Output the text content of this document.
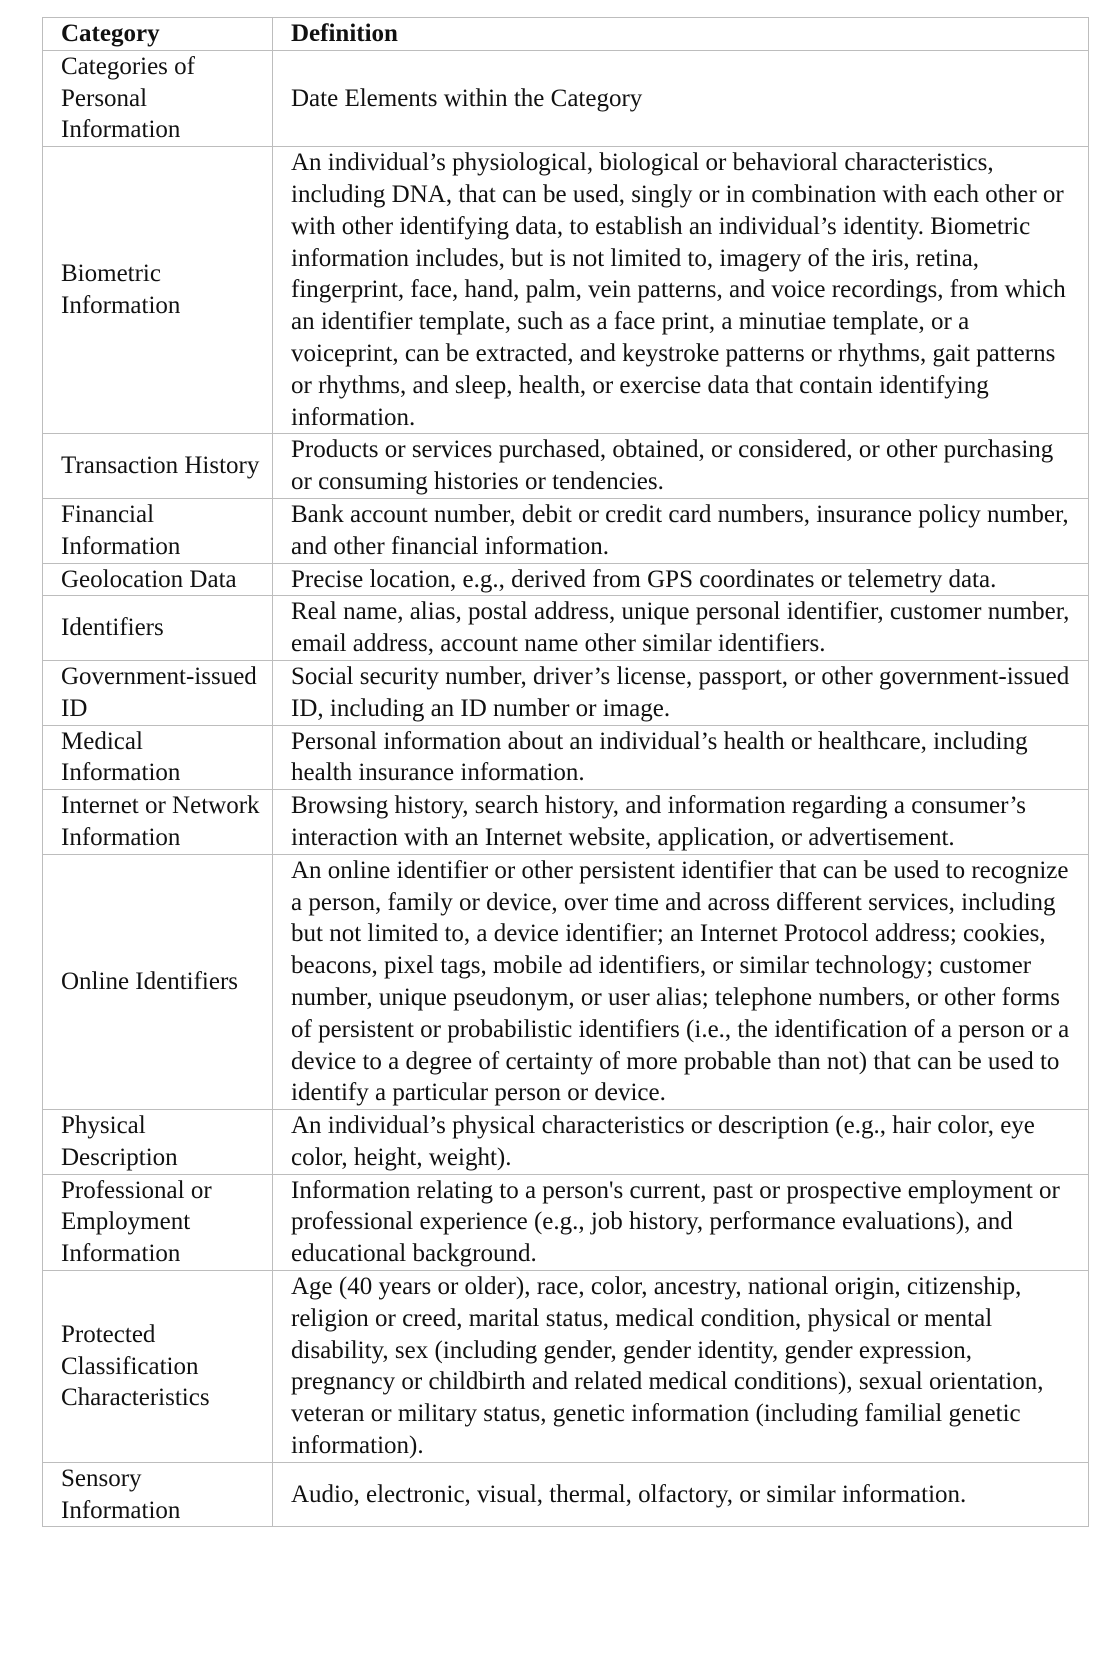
Category	Definition
Categories of Personal Information	Date Elements within the Category
Biometric Information	An individual’s physiological, biological or behavioral characteristics, including DNA, that can be used, singly or in combination with each other or with other identifying data, to establish an individual’s identity. Biometric information includes, but is not limited to, imagery of the iris, retina, fingerprint, face, hand, palm, vein patterns, and voice recordings, from which an identifier template, such as a face print, a minutiae template, or a voiceprint, can be extracted, and keystroke patterns or rhythms, gait patterns or rhythms, and sleep, health, or exercise data that contain identifying information.
Transaction History	Products or services purchased, obtained, or considered, or other purchasing or consuming histories or tendencies.
Financial Information	Bank account number, debit or credit card numbers, insurance policy number, and other financial information.
Geolocation Data	Precise location, e.g., derived from GPS coordinates or telemetry data.
Identifiers	Real name, alias, postal address, unique personal identifier, customer number, email address, account name other similar identifiers.
Government-issued ID	Social security number, driver’s license, passport, or other government-issued ID, including an ID number or image.
Medical Information	Personal information about an individual’s health or healthcare, including health insurance information.
Internet or Network Information	Browsing history, search history, and information regarding a consumer’s interaction with an Internet website, application, or advertisement.
Online Identifiers	An online identifier or other persistent identifier that can be used to recognize a person, family or device, over time and across different services, including but not limited to, a device identifier; an Internet Protocol address; cookies, beacons, pixel tags, mobile ad identifiers, or similar technology; customer number, unique pseudonym, or user alias; telephone numbers, or other forms of persistent or probabilistic identifiers (i.e., the identification of a person or a device to a degree of certainty of more probable than not) that can be used to identify a particular person or device.
Physical Description	An individual’s physical characteristics or description (e.g., hair color, eye color, height, weight).
Professional or Employment Information	Information relating to a person's current, past or prospective employment or professional experience (e.g., job history, performance evaluations), and educational background.
Protected Classification Characteristics	Age (40 years or older), race, color, ancestry, national origin, citizenship, religion or creed, marital status, medical condition, physical or mental disability, sex (including gender, gender identity, gender expression, pregnancy or childbirth and related medical conditions), sexual orientation, veteran or military status, genetic information (including familial genetic information).
Sensory Information	Audio, electronic, visual, thermal, olfactory, or similar information.
